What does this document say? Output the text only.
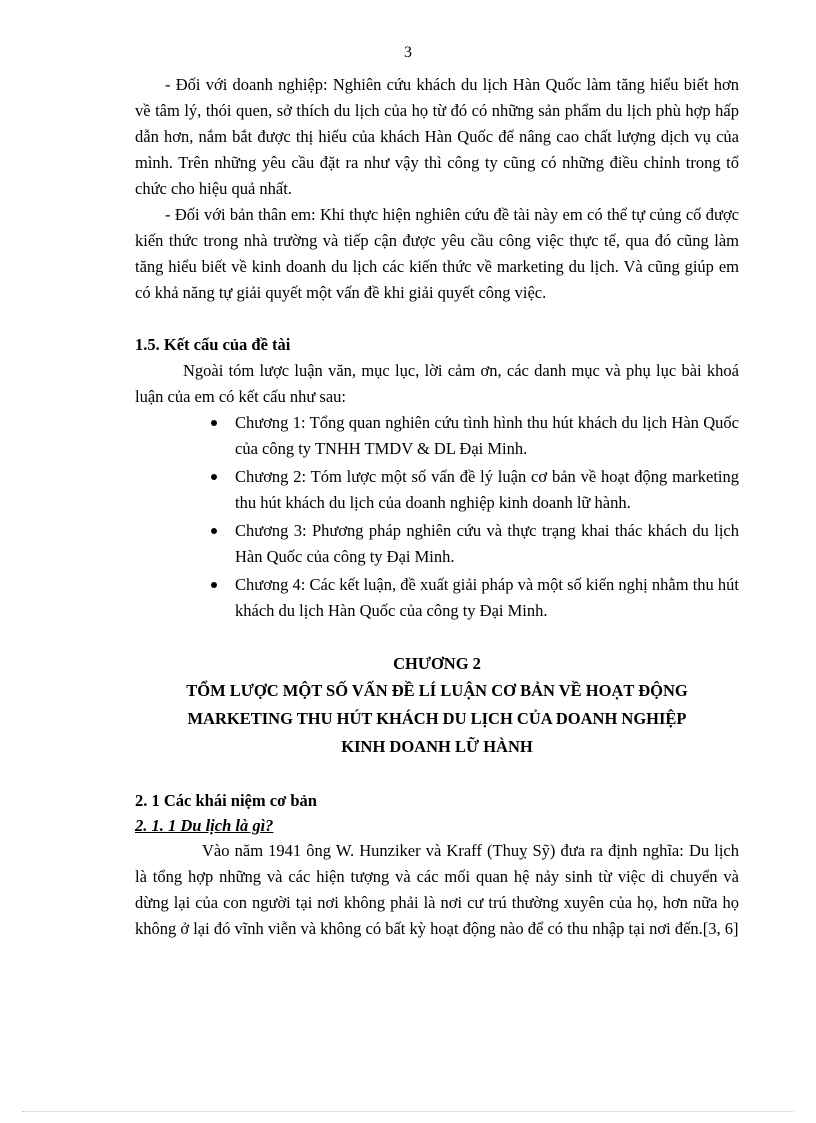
3

- Đối với doanh nghiệp: Nghiên cứu khách du lịch Hàn Quốc làm tăng hiểu biết hơn về tâm lý, thói quen, sở thích du lịch của họ từ đó có những sản phẩm du lịch phù hợp hấp dẫn hơn, nắm bắt được thị hiếu của khách Hàn Quốc để nâng cao chất lượng dịch vụ của mình. Trên những yêu cầu đặt ra như vậy thì công ty cũng có những điều chỉnh trong tổ chức cho hiệu quả nhất.

- Đối với bản thân em: Khi thực hiện nghiên cứu đề tài này em có thể tự củng cố được kiến thức trong nhà trường và tiếp cận được yêu cầu công việc thực tế, qua đó cũng làm tăng hiểu biết về kinh doanh du lịch các kiến thức về marketing du lịch. Và cũng giúp em có khả năng tự giải quyết một vấn đề khi giải quyết công việc.

1.5. Kết cấu của đề tài

Ngoài tóm lược luận văn, mục lục, lời cảm ơn, các danh mục và phụ lục bài khoá luận của em có kết cấu như sau:

Chương 1: Tổng quan nghiên cứu tình hình thu hút khách du lịch Hàn Quốc của công ty TNHH TMDV & DL Đại Minh.
Chương 2: Tóm lược một số vấn đề lý luận cơ bản về hoạt động marketing thu hút khách du lịch của doanh nghiệp kinh doanh lữ hành.
Chương 3: Phương pháp nghiên cứu và thực trạng khai thác khách du lịch Hàn Quốc của công ty Đại Minh.
Chương 4: Các kết luận, đề xuất giải pháp và một số kiến nghị nhằm thu hút khách du lịch Hàn Quốc của công ty Đại Minh.
CHƯƠNG 2
TỔM LƯỢC MỘT SỐ VẤN ĐỀ LÍ LUẬN CƠ BẢN VỀ HOẠT ĐỘNG
MARKETING THU HÚT KHÁCH DU LỊCH CỦA DOANH NGHIỆP
KINH DOANH LỮ HÀNH
2. 1 Các khái niệm cơ bản
2. 1. 1 Du lịch là gì?

Vào năm 1941 ông W. Hunziker và Kraff (Thuỵ Sỹ) đưa ra định nghĩa: Du lịch là tổng hợp những và các hiện tượng và các mối quan hệ nảy sinh từ việc di chuyển và dừng lại của con người tại nơi không phải là nơi cư trú thường xuyên của họ, hơn nữa họ không ở lại đó vĩnh viễn và không có bất kỳ hoạt động nào để có thu nhập tại nơi đến.[3, 6]
